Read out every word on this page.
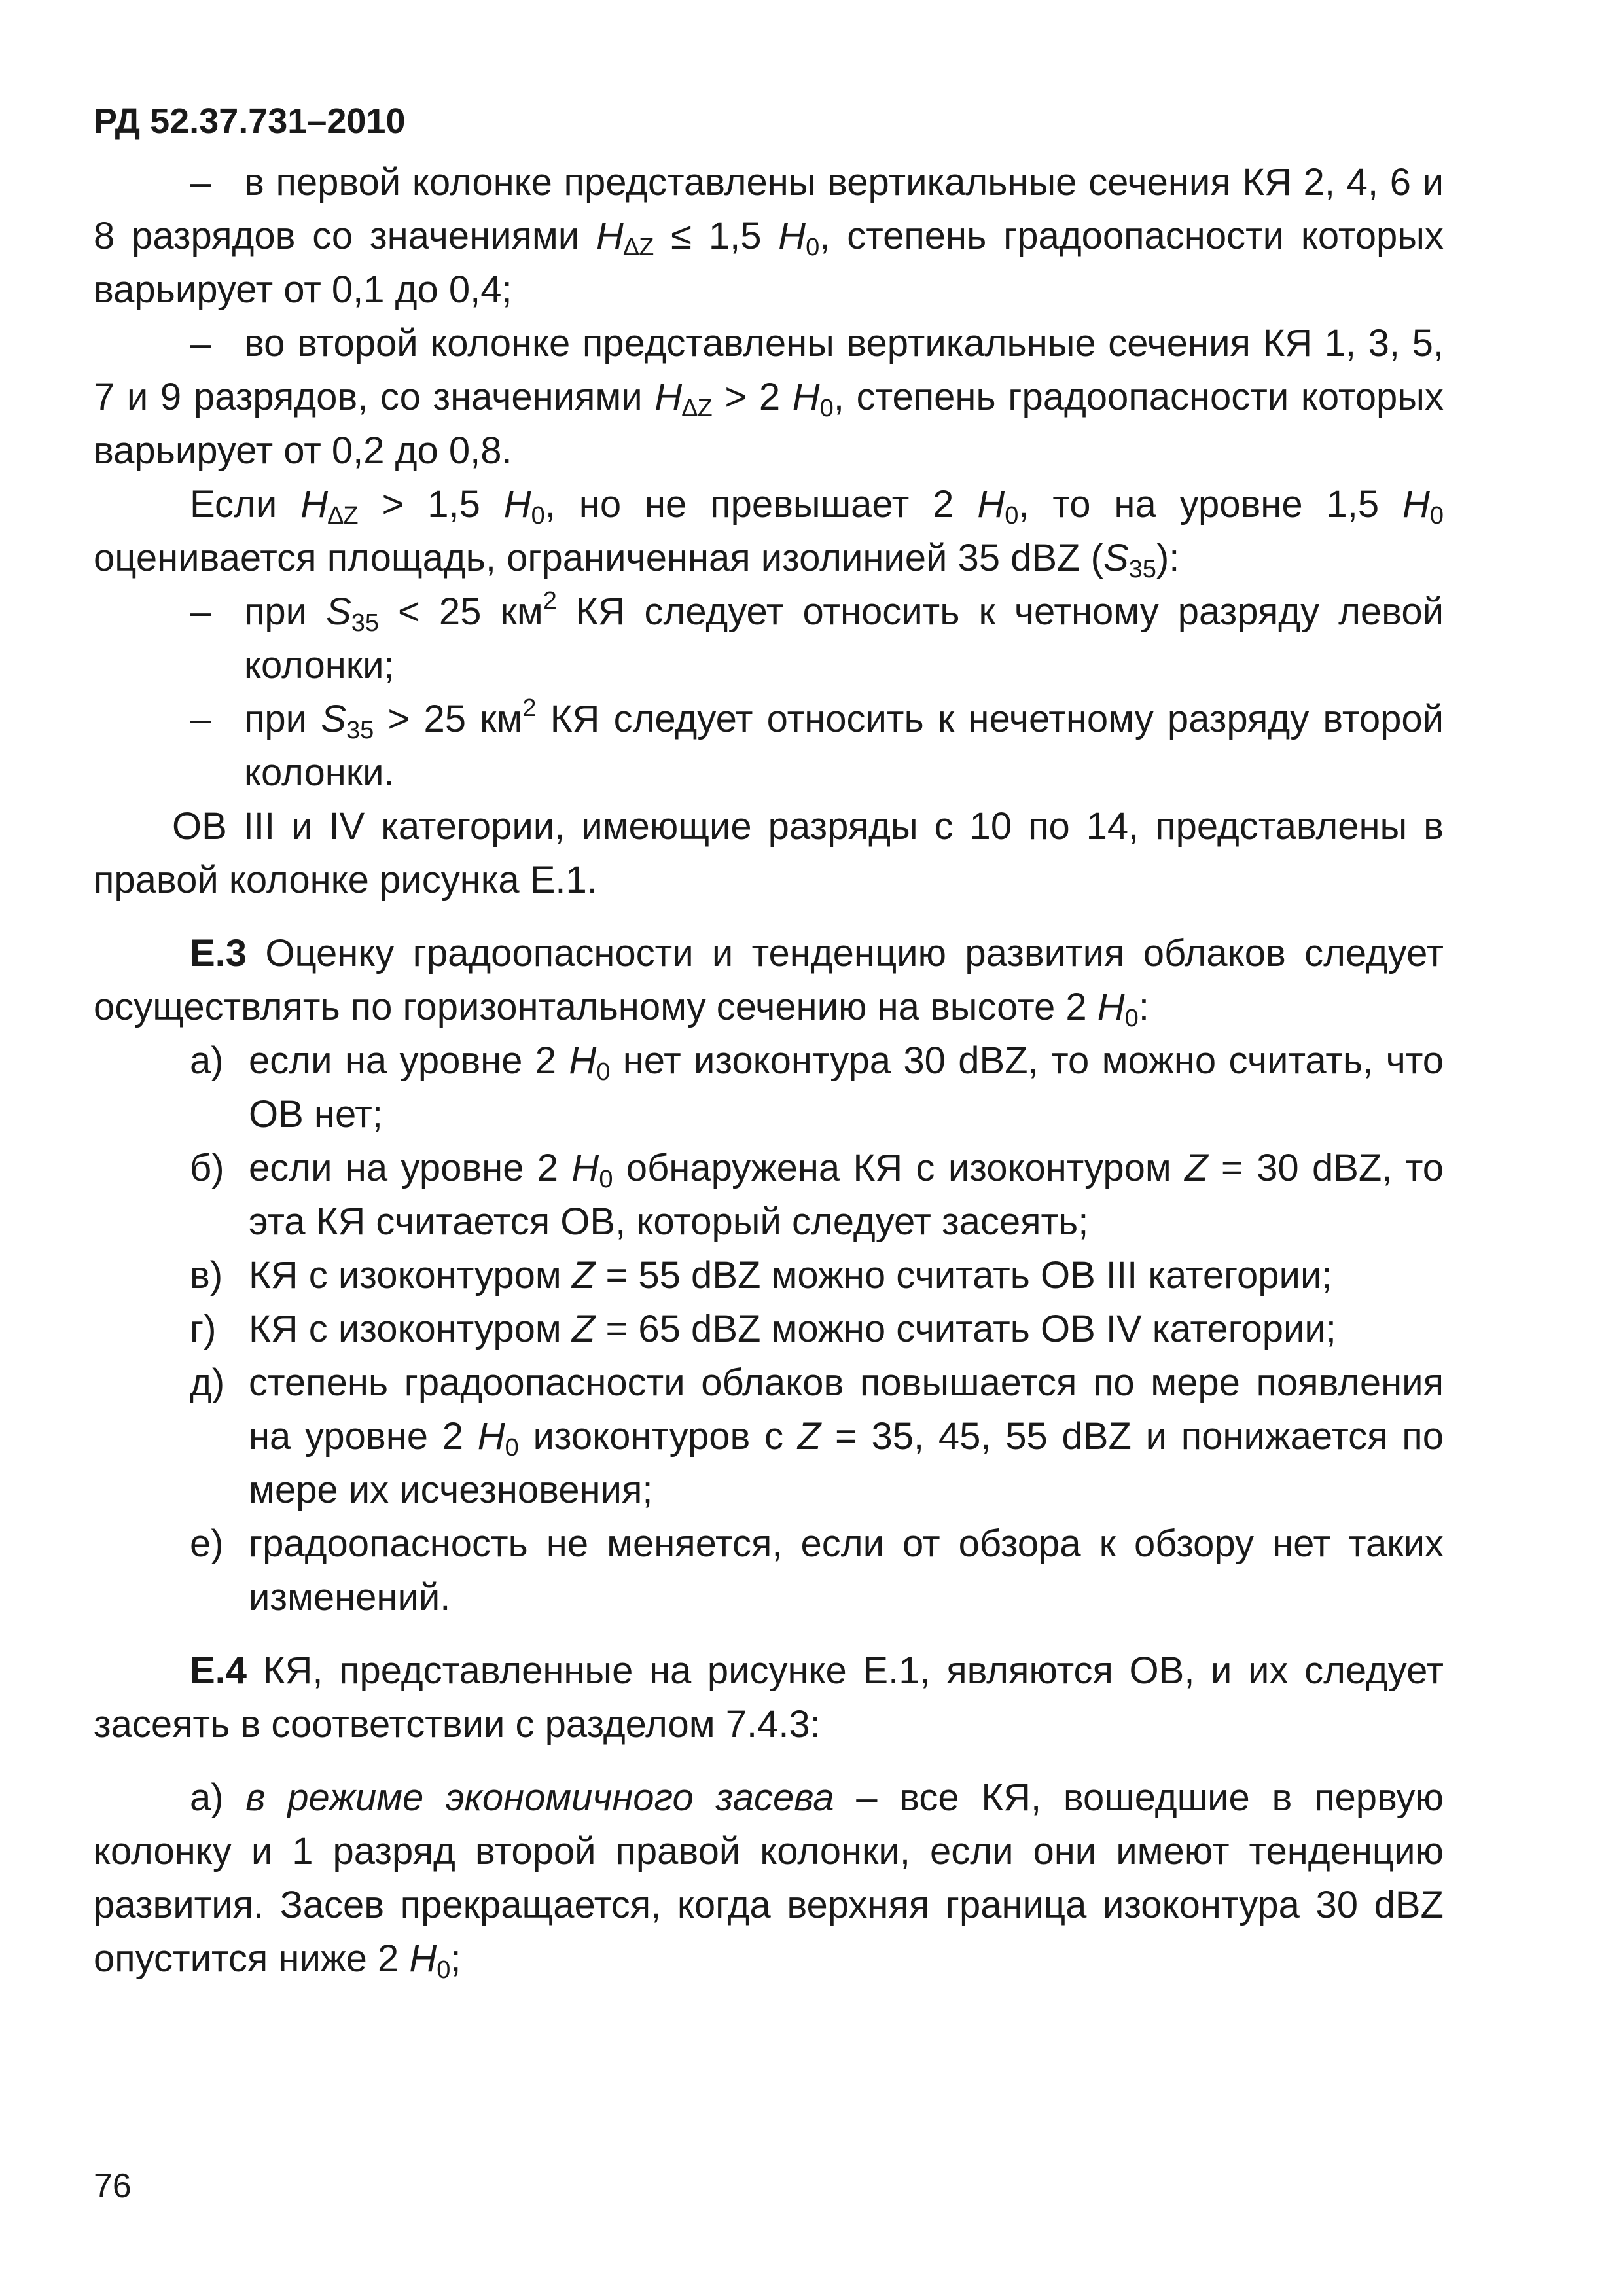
РД 52.37.731–2010

– в первой колонке представлены вертикальные сечения КЯ 2, 4, 6 и 8 разрядов со значениями $H_{\Delta Z} \le 1,5$ $H_0$, степень градоопасности которых варьирует от 0,1 до 0,4;

– во второй колонке представлены вертикальные сечения КЯ 1, 3, 5, 7 и 9 разрядов, со значениями $H_{\Delta Z} > 2$ $H_0$, степень градоопасности которых варьирует от 0,2 до 0,8.

Если $H_{\Delta Z} > 1,5$ $H_0$, но не превышает 2 $H_0$, то на уровне 1,5 $H_0$ оценивается площадь, ограниченная изолинией 35 dBZ $(S_{35})$:

– при $S_{35} < 25$ $км^2$ КЯ следует относить к четному разряду левой колонки;

– при $S_{35} > 25$ $км^2$ КЯ следует относить к нечетному разряду второй колонки.

ОВ III и IV категории, имеющие разряды с 10 по 14, представлены в правой колонке рисунка Е.1.

Е.3 Оценку градоопасности и тенденцию развития облаков следует осуществлять по горизонтальному сечению на высоте 2 $H_0$:

а) если на уровне 2 $H_0$ нет изоконтура 30 dBZ, то можно считать, что ОВ нет;

б) если на уровне 2 $H_0$ обнаружена КЯ с изоконтуром Z = 30 dBZ, то эта КЯ считается ОВ, который следует засеять;

в) КЯ с изоконтуром Z = 55 dBZ можно считать ОВ III категории;

г) КЯ с изоконтуром Z = 65 dBZ можно считать ОВ IV категории;

д) степень градоопасности облаков повышается по мере появления на уровне 2 $H_0$ изоконтуров с Z = 35, 45, 55 dBZ и понижается по мере их исчезновения;

е) градоопасность не меняется, если от обзора к обзору нет таких изменений.

Е.4 КЯ, представленные на рисунке Е.1, являются ОВ, и их следует засеять в соответствии с разделом 7.4.3:

а) в режиме экономичного засева – все КЯ, вошедшие в первую колонку и 1 разряд второй правой колонки, если они имеют тенденцию развития. Засев прекращается, когда верхняя граница изоконтура 30 dBZ опустится ниже 2 $H_0$;

76
